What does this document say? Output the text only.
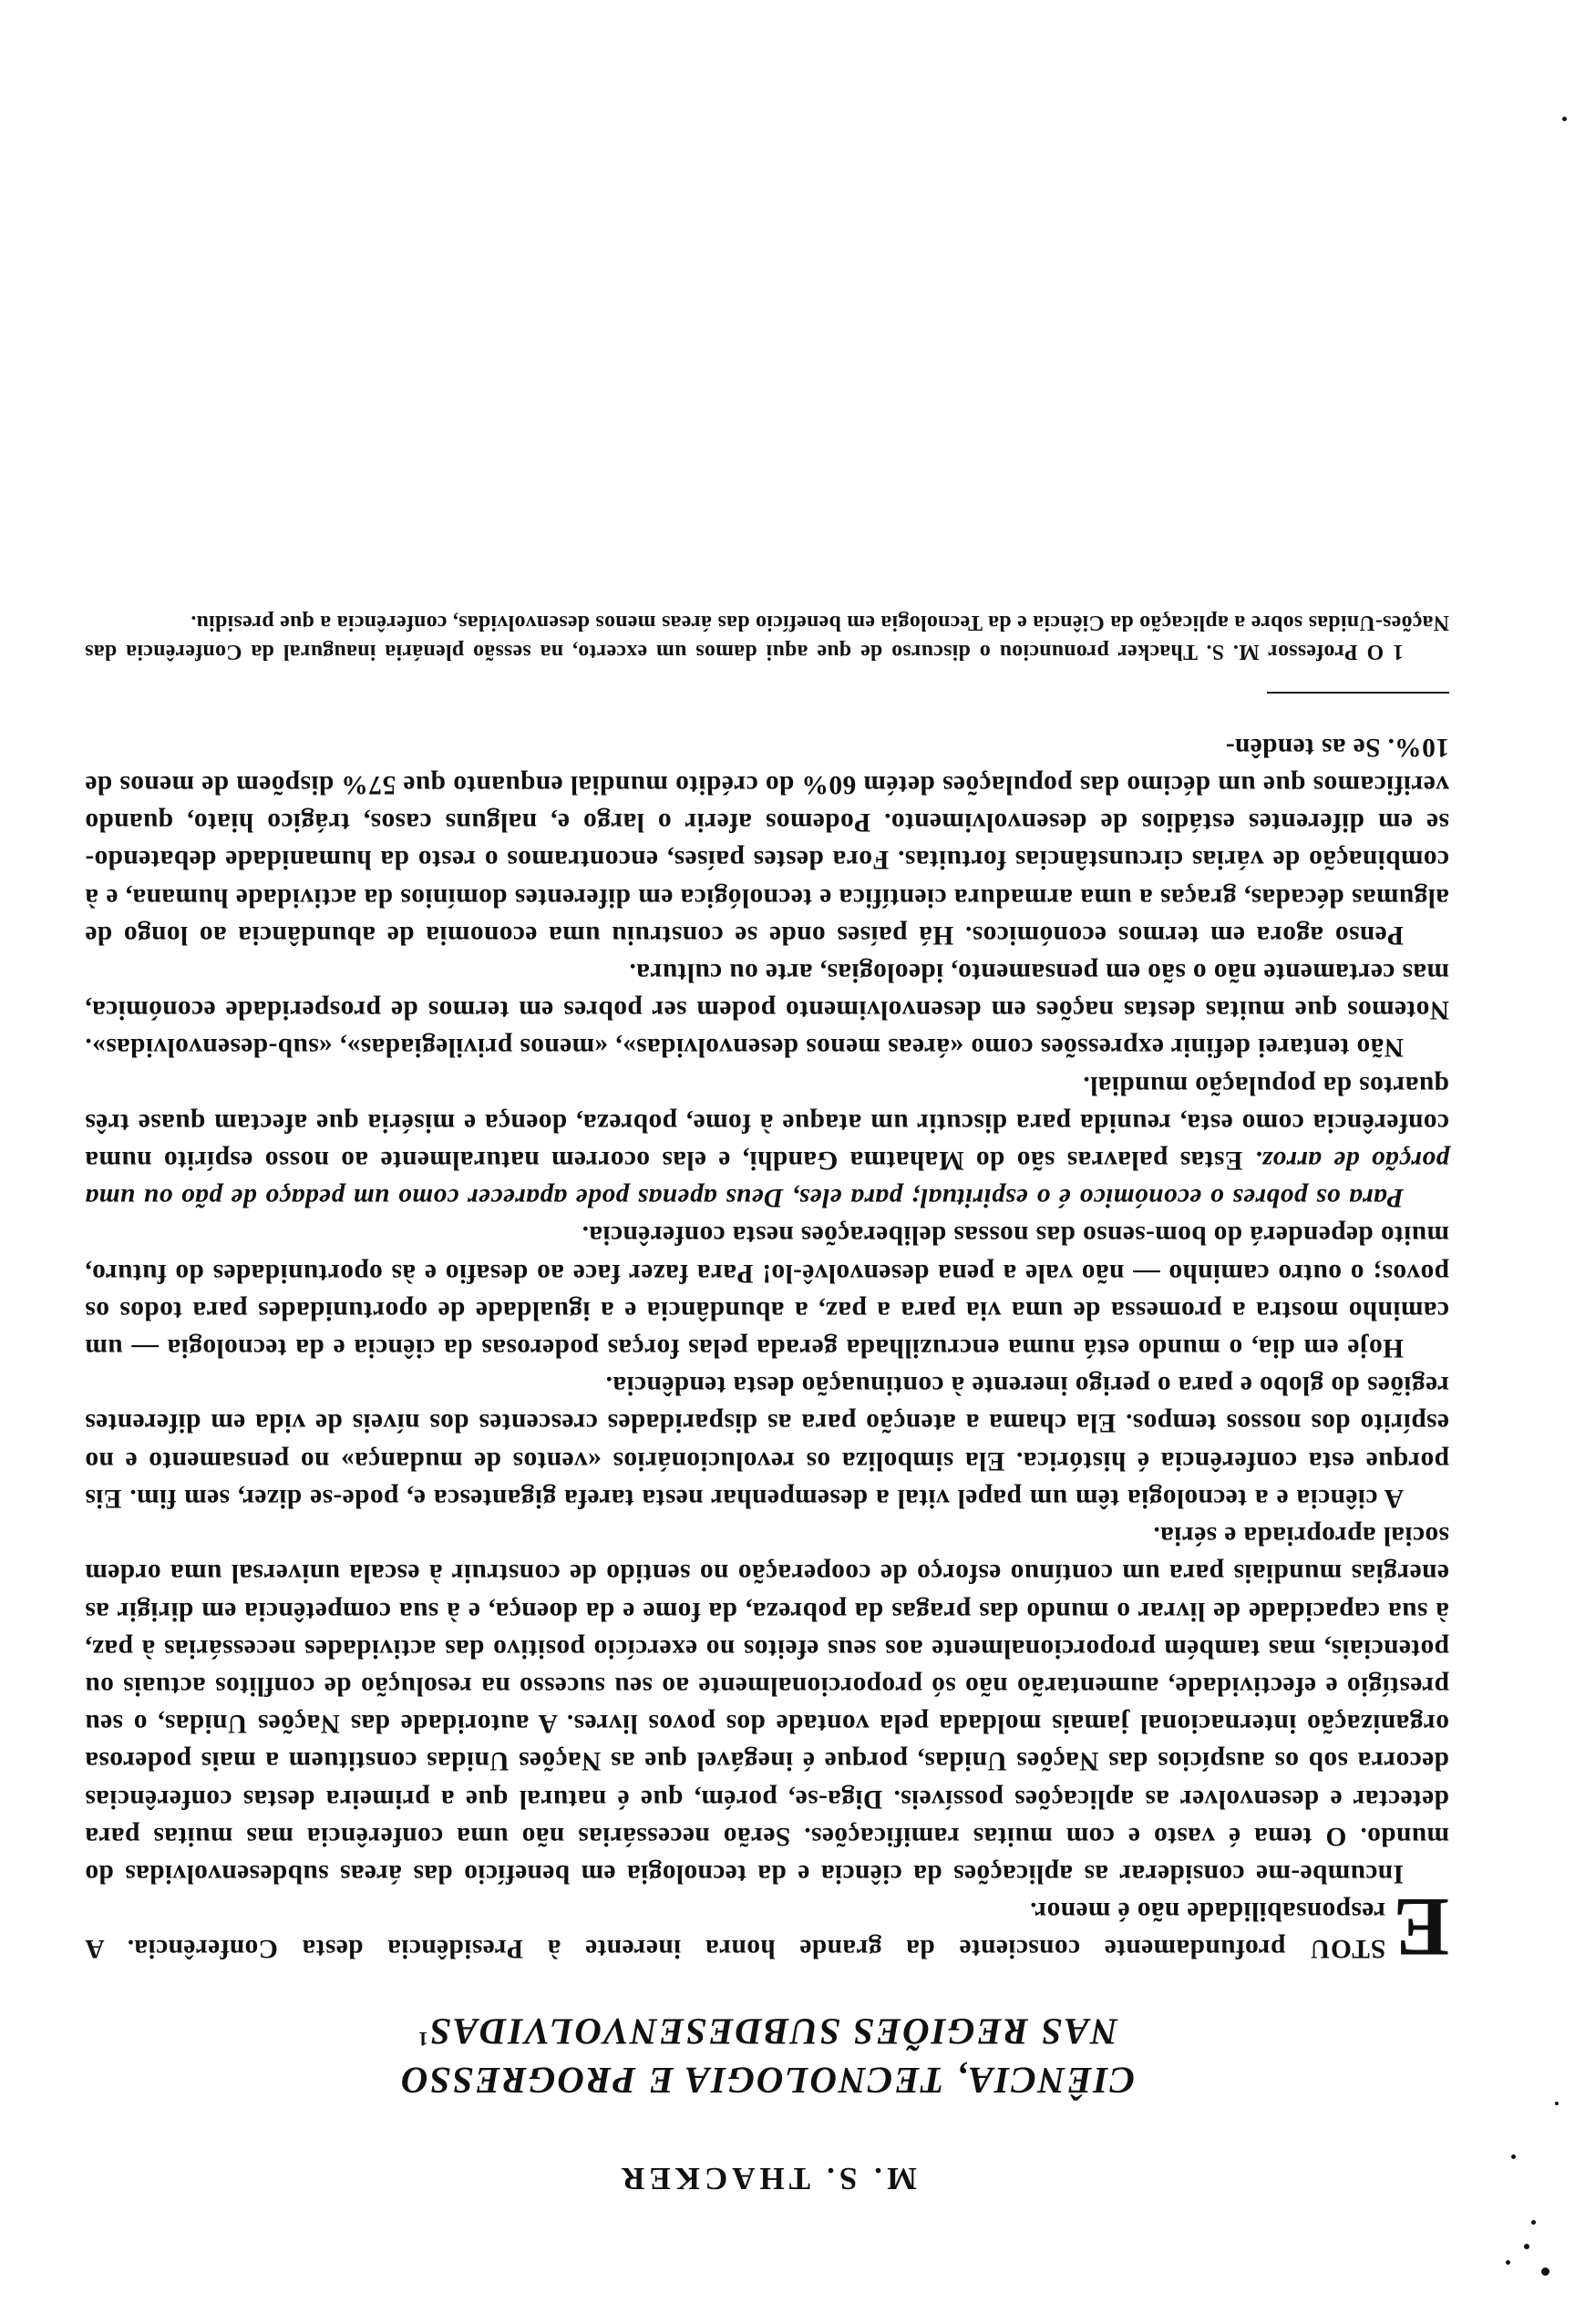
M. S. THACKER

CIÊNCIA, TECNOLOGIA E PROGRESSO

NAS REGIÕES SUBDESENVOLVIDAS$^1$

E
STOU profundamente consciente da grande honra inerente à Presidência desta Conferência. A responsabilidade não é menor.

Incumbe-me considerar as aplicações da ciência e da tecnologia em benefício das áreas subdesenvolvidas do mundo. O tema é vasto e com muitas ramificações. Serão necessárias não uma conferência mas muitas para detectar e desenvolver as aplicações possíveis. Diga-se, porém, que é natural que a primeira destas conferências decorra sob os auspícios das Nações Unidas, porque é inegável que as Nações Unidas constituem a mais poderosa organização internacional jamais moldada pela vontade dos povos livres. A autoridade das Nações Unidas, o seu prestígio e efectividade, aumentarão não só proporcionalmente ao seu sucesso na resolução de conflitos actuais ou potenciais, mas também proporcionalmente aos seus efeitos no exercício positivo das actividades necessárias à paz, à sua capacidade de livrar o mundo das pragas da pobreza, da fome e da doença, e à sua competência em dirigir as energias mundiais para um contínuo esforço de cooperação no sentido de construir à escala universal uma ordem social apropriada e séria.

A ciência e a tecnologia têm um papel vital a desempenhar nesta tarefa gigantesca e, pode-se dizer, sem fim. Eis porque esta conferência é histórica. Ela simboliza os revolucionários «ventos de mudança» no pensamento e no espírito dos nossos tempos. Ela chama a atenção para as disparidades crescentes dos níveis de vida em diferentes regiões do globo e para o perigo inerente à continuação desta tendência.

Hoje em dia, o mundo está numa encruzilhada gerada pelas forças poderosas da ciência e da tecnologia — um caminho mostra a promessa de uma via para a paz, a abundância e a igualdade de oportunidades para todos os povos; o outro caminho — não vale a pena desenvolvê-lo! Para fazer face ao desafio e às oportunidades do futuro, muito dependerá do bom-senso das nossas deliberações nesta conferência.

Para os pobres o económico é o espiritual; para eles, Deus apenas pode aparecer como um pedaço de pão ou uma porção de arroz. Estas palavras são do Mahatma Gandhi, e elas ocorrem naturalmente ao nosso espírito numa conferência como esta, reunida para discutir um ataque à fome, pobreza, doença e miséria que afectam quase três quartos da população mundial.

Não tentarei definir expressões como «áreas menos desenvolvidas», «menos privilegiadas», «sub-desenvolvidas». Notemos que muitas destas nações em desenvolvimento podem ser pobres em termos de prosperidade económica, mas certamente não o são em pensamento, ideologias, arte ou cultura.

Penso agora em termos económicos. Há países onde se construiu uma economia de abundância ao longo de algumas décadas, graças a uma armadura científica e tecnológica em diferentes domínios da actividade humana, e à combinação de várias circunstâncias fortuitas. Fora destes países, encontramos o resto da humanidade debatendo-se em diferentes estádios de desenvolvimento. Podemos aferir o largo e, nalguns casos, trágico hiato, quando verificamos que um décimo das populações detém 60% do crédito mundial enquanto que 57% dispõem de menos de 10%. Se as tendên-

1 O Professor M. S. Thacker pronunciou o discurso de que aqui damos um excerto, na sessão plenária inaugural da Conferência das Nações-Unidas sobre a aplicação da Ciência e da Tecnologia em benefício das áreas menos desenvolvidas, conferência a que presidiu.
